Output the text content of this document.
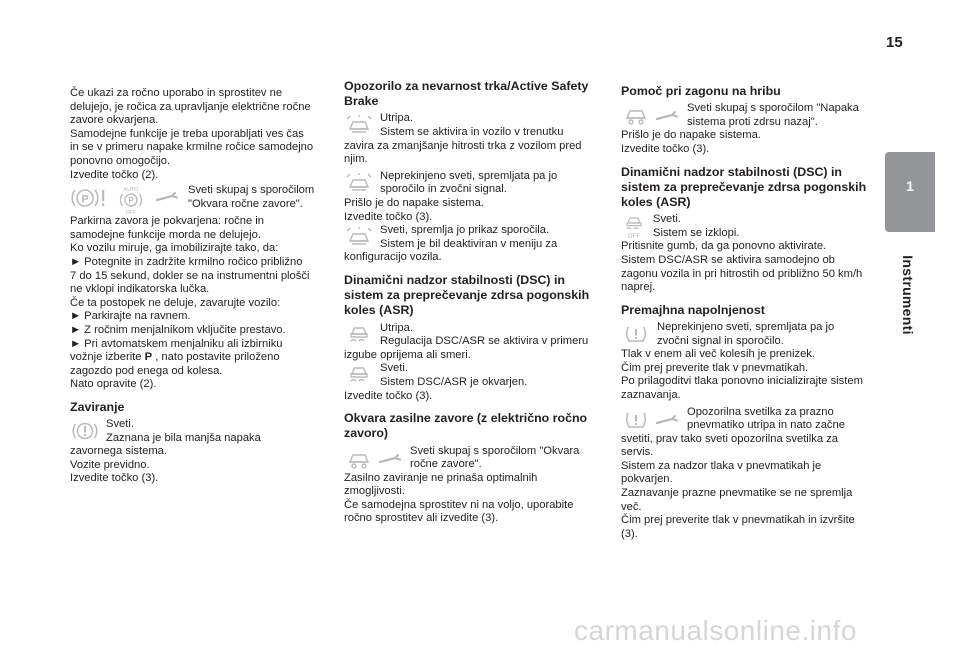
15
1
Instrumenti
Če ukazi za ročno uporabo in sprostitev ne
delujejo, je ročica za upravljanje električne ročne
zavore okvarjena.
Samodejne funkcije je treba uporabljati ves čas
in se v primeru napake krmilne ročice samodejno
ponovno omogočijo.
Izvedite točko (2).
P
AUTO
P
OFF
Sveti skupaj s sporočilom
"Okvara ročne zavore".
Parkirna zavora je pokvarjena: ročne in
samodejne funkcije morda ne delujejo.
Ko vozilu miruje, ga imobilizirajte tako, da:
► Potegnite in zadržite krmilno ročico približno
7 do 15 sekund, dokler se na instrumentni plošči
ne vklopi indikatorska lučka.
Če ta postopek ne deluje, zavarujte vozilo:
► Parkirajte na ravnem.
► Z ročnim menjalnikom vključite prestavo.
► Pri avtomatskem menjalniku ali izbirniku
vožnje izberite P , nato postavite priloženo
zagozdo pod enega od kolesa.
Nato opravite (2).
Zaviranje
Sveti.
Zaznana je bila manjša napaka
zavornega sistema.
Vozite previdno.
Izvedite točko (3).
Opozorilo za nevarnost trka/Active Safety
Brake
Utripa.
Sistem se aktivira in vozilo v trenutku
zavira za zmanjšanje hitrosti trka z vozilom pred
njim.
Neprekinjeno sveti, spremljata pa jo
sporočilo in zvočni signal.
Prišlo je do napake sistema.
Izvedite točko (3).
Sveti, spremlja jo prikaz sporočila.
Sistem je bil deaktiviran v meniju za
konfiguracijo vozila.
Dinamični nadzor stabilnosti (DSC) in
sistem za preprečevanje zdrsa pogonskih
koles (ASR)
Utripa.
Regulacija DSC/ASR se aktivira v primeru
izgube oprijema ali smeri.
Sveti.
Sistem DSC/ASR je okvarjen.
Izvedite točko (3).
Okvara zasilne zavore (z električno ročno
zavoro)
Sveti skupaj s sporočilom "Okvara
ročne zavore".
Zasilno zaviranje ne prinaša optimalnih
zmogljivosti.
Če samodejna sprostitev ni na voljo, uporabite
ročno sprostitev ali izvedite (3).
Pomoč pri zagonu na hribu
Sveti skupaj s sporočilom "Napaka
sistema proti zdrsu nazaj".
Prišlo je do napake sistema.
Izvedite točko (3).
Dinamični nadzor stabilnosti (DSC) in
sistem za preprečevanje zdrsa pogonskih
koles (ASR)
OFF
Sveti.
Sistem se izklopi.
Pritisnite gumb, da ga ponovno aktivirate.
Sistem DSC/ASR se aktivira samodejno ob
zagonu vozila in pri hitrostih od približno 50 km/h
naprej.
Premajhna napolnjenost
Neprekinjeno sveti, spremljata pa jo
zvočni signal in sporočilo.
Tlak v enem ali več kolesih je prenizek.
Čim prej preverite tlak v pnevmatikah.
Po prilagoditvi tlaka ponovno inicializirajte sistem
zaznavanja.
Opozorilna svetilka za prazno
pnevmatiko utripa in nato začne
svetiti, prav tako sveti opozorilna svetilka za
servis.
Sistem za nadzor tlaka v pnevmatikah je
pokvarjen.
Zaznavanje prazne pnevmatike se ne spremlja
več.
Čim prej preverite tlak v pnevmatikah in izvršite
(3).
carmanualsonline.info
